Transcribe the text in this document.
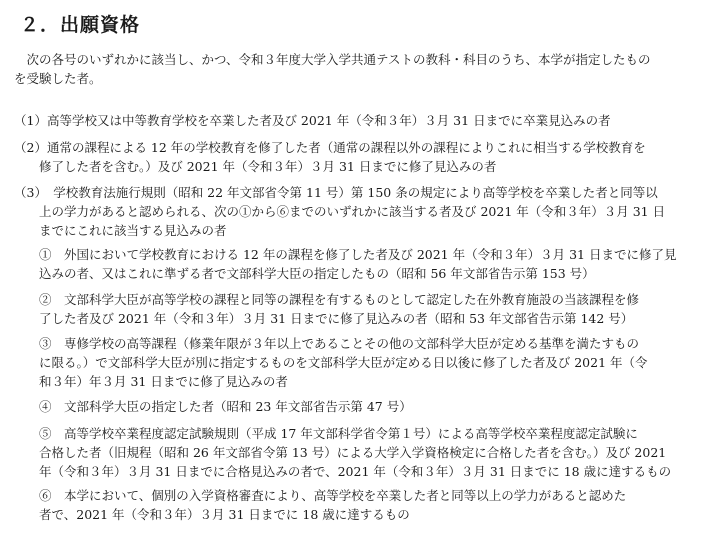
２．出願資格
　次の各号のいずれかに該当し、かつ、令和３年度大学入学共通テストの教科・科目のうち、本学が指定したもの
を受験した者。
（1）高等学校又は中等教育学校を卒業した者及び 2021 年（令和３年）３月 31 日までに卒業見込みの者
（2）通常の課程による 12 年の学校教育を修了した者（通常の課程以外の課程によりこれに相当する学校教育を
　　修了した者を含む。）及び 2021 年（令和３年）３月 31 日までに修了見込みの者
（3）　学校教育法施行規則（昭和 22 年文部省令第 11 号）第 150 条の規定により高等学校を卒業した者と同等以
　　上の学力があると認められる、次の①から⑥までのいずれかに該当する者及び 2021 年（令和３年）３月 31 日
　　までにこれに該当する見込みの者
　　①　外国において学校教育における 12 年の課程を修了した者及び 2021 年（令和３年）３月 31 日までに修了見
　　込みの者、又はこれに準ずる者で文部科学大臣の指定したもの（昭和 56 年文部省告示第 153 号）
　　②　文部科学大臣が高等学校の課程と同等の課程を有するものとして認定した在外教育施設の当該課程を修
　　了した者及び 2021 年（令和３年）３月 31 日までに修了見込みの者（昭和 53 年文部省告示第 142 号）
　　③　専修学校の高等課程（修業年限が３年以上であることその他の文部科学大臣が定める基準を満たすもの
　　に限る。）で文部科学大臣が別に指定するものを文部科学大臣が定める日以後に修了した者及び 2021 年（令
　　和３年）年３月 31 日までに修了見込みの者
　　④　文部科学大臣の指定した者（昭和 23 年文部省告示第 47 号）
　　⑤　高等学校卒業程度認定試験規則（平成 17 年文部科学省令第１号）による高等学校卒業程度認定試験に
　　合格した者（旧規程（昭和 26 年文部省令第 13 号）による大学入学資格検定に合格した者を含む。）及び 2021
　　年（令和３年）３月 31 日までに合格見込みの者で、2021 年（令和３年）３月 31 日までに 18 歳に達するもの
　　⑥　本学において、個別の入学資格審査により、高等学校を卒業した者と同等以上の学力があると認めた
　　者で、2021 年（令和３年）３月 31 日までに 18 歳に達するもの
